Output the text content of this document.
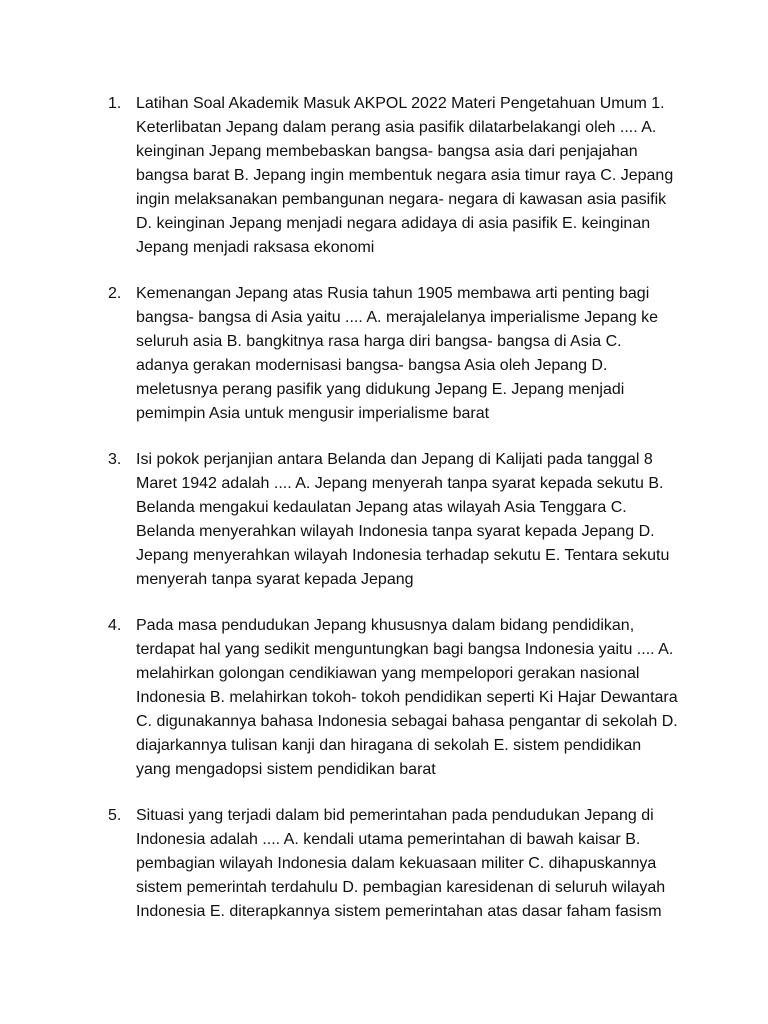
1. Latihan Soal Akademik Masuk AKPOL 2022 Materi Pengetahuan Umum 1. Keterlibatan Jepang dalam perang asia pasifik dilatarbelakangi oleh .... A. keinginan Jepang membebaskan bangsa- bangsa asia dari penjajahan bangsa barat B. Jepang ingin membentuk negara asia timur raya C. Jepang ingin melaksanakan pembangunan negara- negara di kawasan asia pasifik D. keinginan Jepang menjadi negara adidaya di asia pasifik E. keinginan Jepang menjadi raksasa ekonomi
2. Kemenangan Jepang atas Rusia tahun 1905 membawa arti penting bagi bangsa- bangsa di Asia yaitu .... A. merajalelanya imperialisme Jepang ke seluruh asia B. bangkitnya rasa harga diri bangsa- bangsa di Asia C. adanya gerakan modernisasi bangsa- bangsa Asia oleh Jepang D. meletusnya perang pasifik yang didukung Jepang E. Jepang menjadi pemimpin Asia untuk mengusir imperialisme barat
3. Isi pokok perjanjian antara Belanda dan Jepang di Kalijati pada tanggal 8 Maret 1942 adalah .... A. Jepang menyerah tanpa syarat kepada sekutu B. Belanda mengakui kedaulatan Jepang atas wilayah Asia Tenggara C. Belanda menyerahkan wilayah Indonesia tanpa syarat kepada Jepang D. Jepang menyerahkan wilayah Indonesia terhadap sekutu E. Tentara sekutu menyerah tanpa syarat kepada Jepang
4. Pada masa pendudukan Jepang khususnya dalam bidang pendidikan, terdapat hal yang sedikit menguntungkan bagi bangsa Indonesia yaitu .... A. melahirkan golongan cendikiawan yang mempelopori gerakan nasional Indonesia B. melahirkan tokoh- tokoh pendidikan seperti Ki Hajar Dewantara C. digunakannya bahasa Indonesia sebagai bahasa pengantar di sekolah D. diajarkannya tulisan kanji dan hiragana di sekolah E. sistem pendidikan yang mengadopsi sistem pendidikan barat
5. Situasi yang terjadi dalam bid pemerintahan pada pendudukan Jepang di Indonesia adalah .... A. kendali utama pemerintahan di bawah kaisar B. pembagian wilayah Indonesia dalam kekuasaan militer C. dihapuskannya sistem pemerintah terdahulu D. pembagian karesidenan di seluruh wilayah Indonesia E. diterapkannya sistem pemerintahan atas dasar faham fasism
